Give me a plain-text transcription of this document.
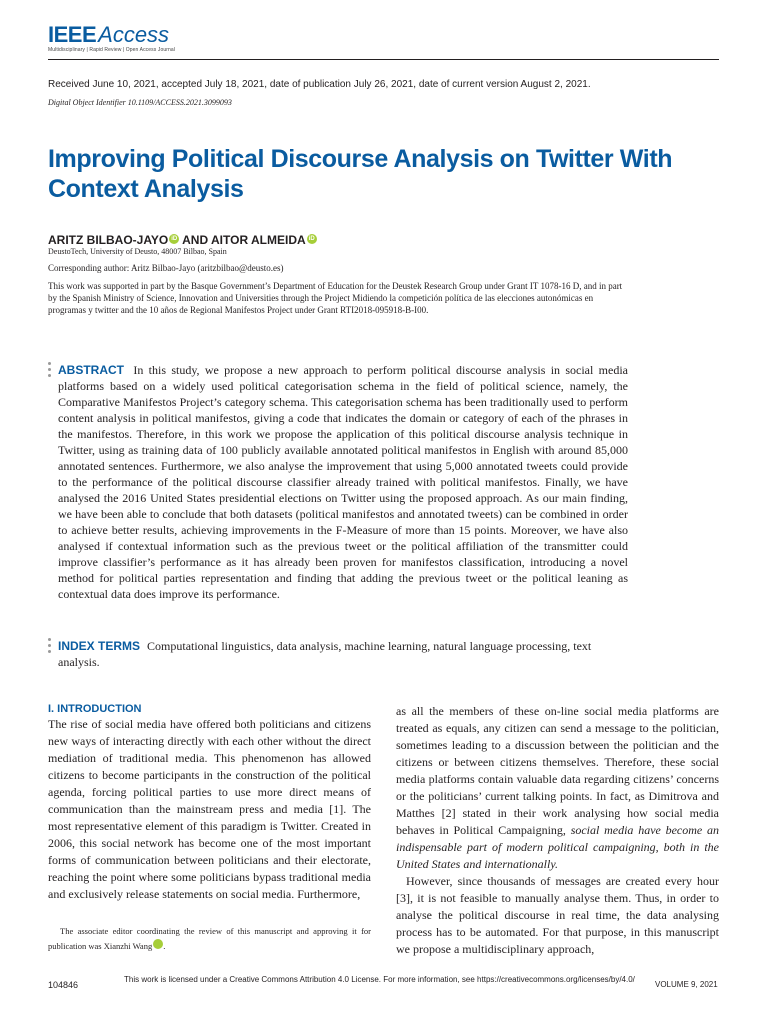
IEEEAccess
Multidisciplinary | Rapid Review | Open Access Journal
Received June 10, 2021, accepted July 18, 2021, date of publication July 26, 2021, date of current version August 2, 2021.
Digital Object Identifier 10.1109/ACCESS.2021.3099093
Improving Political Discourse Analysis on Twitter With Context Analysis
ARITZ BILBAO-JAYO iD AND AITOR ALMEIDA iD
DeustoTech, University of Deusto, 48007 Bilbao, Spain
Corresponding author: Aritz Bilbao-Jayo (aritzbilbao@deusto.es)
This work was supported in part by the Basque Government’s Department of Education for the Deustek Research Group under Grant IT 1078-16 D, and in part by the Spanish Ministry of Science, Innovation and Universities through the Project Midiendo la competición política de las elecciones autonómicas en programas y twitter and the 10 años de Regional Manifestos Project under Grant RTI2018-095918-B-I00.
ABSTRACT In this study, we propose a new approach to perform political discourse analysis in social media platforms based on a widely used political categorisation schema in the field of political science, namely, the Comparative Manifestos Project’s category schema. This categorisation schema has been traditionally used to perform content analysis in political manifestos, giving a code that indicates the domain or category of each of the phrases in the manifestos. Therefore, in this work we propose the application of this political discourse analysis technique in Twitter, using as training data of 100 publicly available annotated political manifestos in English with around 85,000 annotated sentences. Furthermore, we also analyse the improvement that using 5,000 annotated tweets could provide to the performance of the political discourse classifier already trained with political manifestos. Finally, we have analysed the 2016 United States presidential elections on Twitter using the proposed approach. As our main finding, we have been able to conclude that both datasets (political manifestos and annotated tweets) can be combined in order to achieve better results, achieving improvements in the F-Measure of more than 15 points. Moreover, we have also analysed if contextual information such as the previous tweet or the political affiliation of the transmitter could improve classifier’s performance as it has already been proven for manifestos classification, introducing a novel method for political parties representation and finding that adding the previous tweet or the political leaning as contextual data does improve its performance.
INDEX TERMS Computational linguistics, data analysis, machine learning, natural language processing, text analysis.
I. INTRODUCTION

The rise of social media have offered both politicians and citizens new ways of interacting directly with each other without the direct mediation of traditional media. This phenomenon has allowed citizens to become participants in the construction of the political agenda, forcing political parties to use more direct means of communication than the mainstream press and media [1]. The most representative element of this paradigm is Twitter. Created in 2006, this social network has become one of the most important forms of communication between politicians and their electorate, reaching the point where some politicians bypass traditional media and exclusively release statements on social media. Furthermore,

The associate editor coordinating the review of this manuscript and approving it for publication was Xianzhi Wang iD.

as all the members of these on-line social media platforms are treated as equals, any citizen can send a message to the politician, sometimes leading to a discussion between the politician and the citizens or between citizens themselves. Therefore, these social media platforms contain valuable data regarding citizens’ concerns or the politicians’ current talking points. In fact, as Dimitrova and Matthes [2] stated in their work analysing how social media behaves in Political Campaigning, social media have become an indispensable part of modern political campaigning, both in the United States and internationally.

However, since thousands of messages are created every hour [3], it is not feasible to manually analyse them. Thus, in order to analyse the political discourse in real time, the data analysing process has to be automated. For that purpose, in this manuscript we propose a multidisciplinary approach,

104846
This work is licensed under a Creative Commons Attribution 4.0 License. For more information, see https://creativecommons.org/licenses/by/4.0/
VOLUME 9, 2021
